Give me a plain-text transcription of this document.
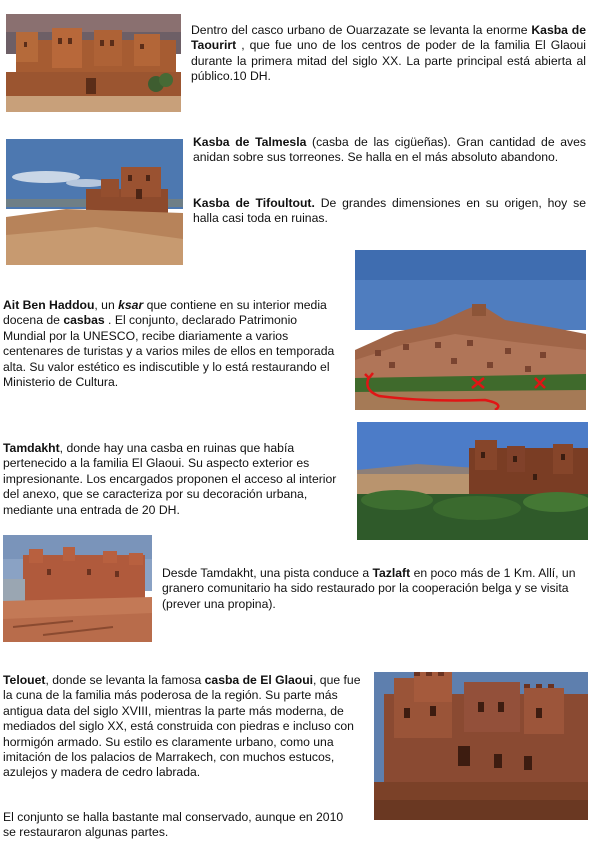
Dentro del casco urbano de Ouarzazate se levanta la enorme Kasba de Taourirt , que fue uno de los centros de poder de la familia El Glaoui durante la primera mitad del siglo XX. La parte principal está abierta al público.10 DH.

Kasba de Talmesla (casba de las cigüeñas). Gran cantidad de aves anidan sobre sus torreones. Se halla en el más absoluto abandono.

Kasba de Tifoultout. De grandes dimensiones en su origen, hoy se halla casi toda en ruinas.

Ait Ben Haddou, un ksar que contiene en su interior media docena de casbas . El conjunto, declarado Patrimonio Mundial por la UNESCO, recibe diariamente a varios centenares de turistas y a varios miles de ellos en temporada alta. Su valor estético es indiscutible y lo está restaurando el Ministerio de Cultura.

Tamdakht, donde hay una casba en ruinas que había pertenecido a la familia El Glaoui. Su aspecto exterior es impresionante. Los encargados proponen el acceso al interior del anexo, que se caracteriza por su decoración urbana, mediante una entrada de 20 DH.

Desde Tamdakht, una pista conduce a Tazlaft en poco más de 1 Km. Allí, un granero comunitario ha sido restaurado por la cooperación belga y se visita (prever una propina).

Telouet, donde se levanta la famosa casba de El Glaoui, que fue la cuna de la familia más poderosa de la región. Su parte más antigua data del siglo XVIII, mientras la parte más moderna, de mediados del siglo XX, está construida con piedras e incluso con hormigón armado. Su estilo es claramente urbano, como una imitación de los palacios de Marrakech, con muchos estucos, azulejos y madera de cedro labrada.

El conjunto se halla bastante mal conservado, aunque en 2010 se restauraron algunas partes.
